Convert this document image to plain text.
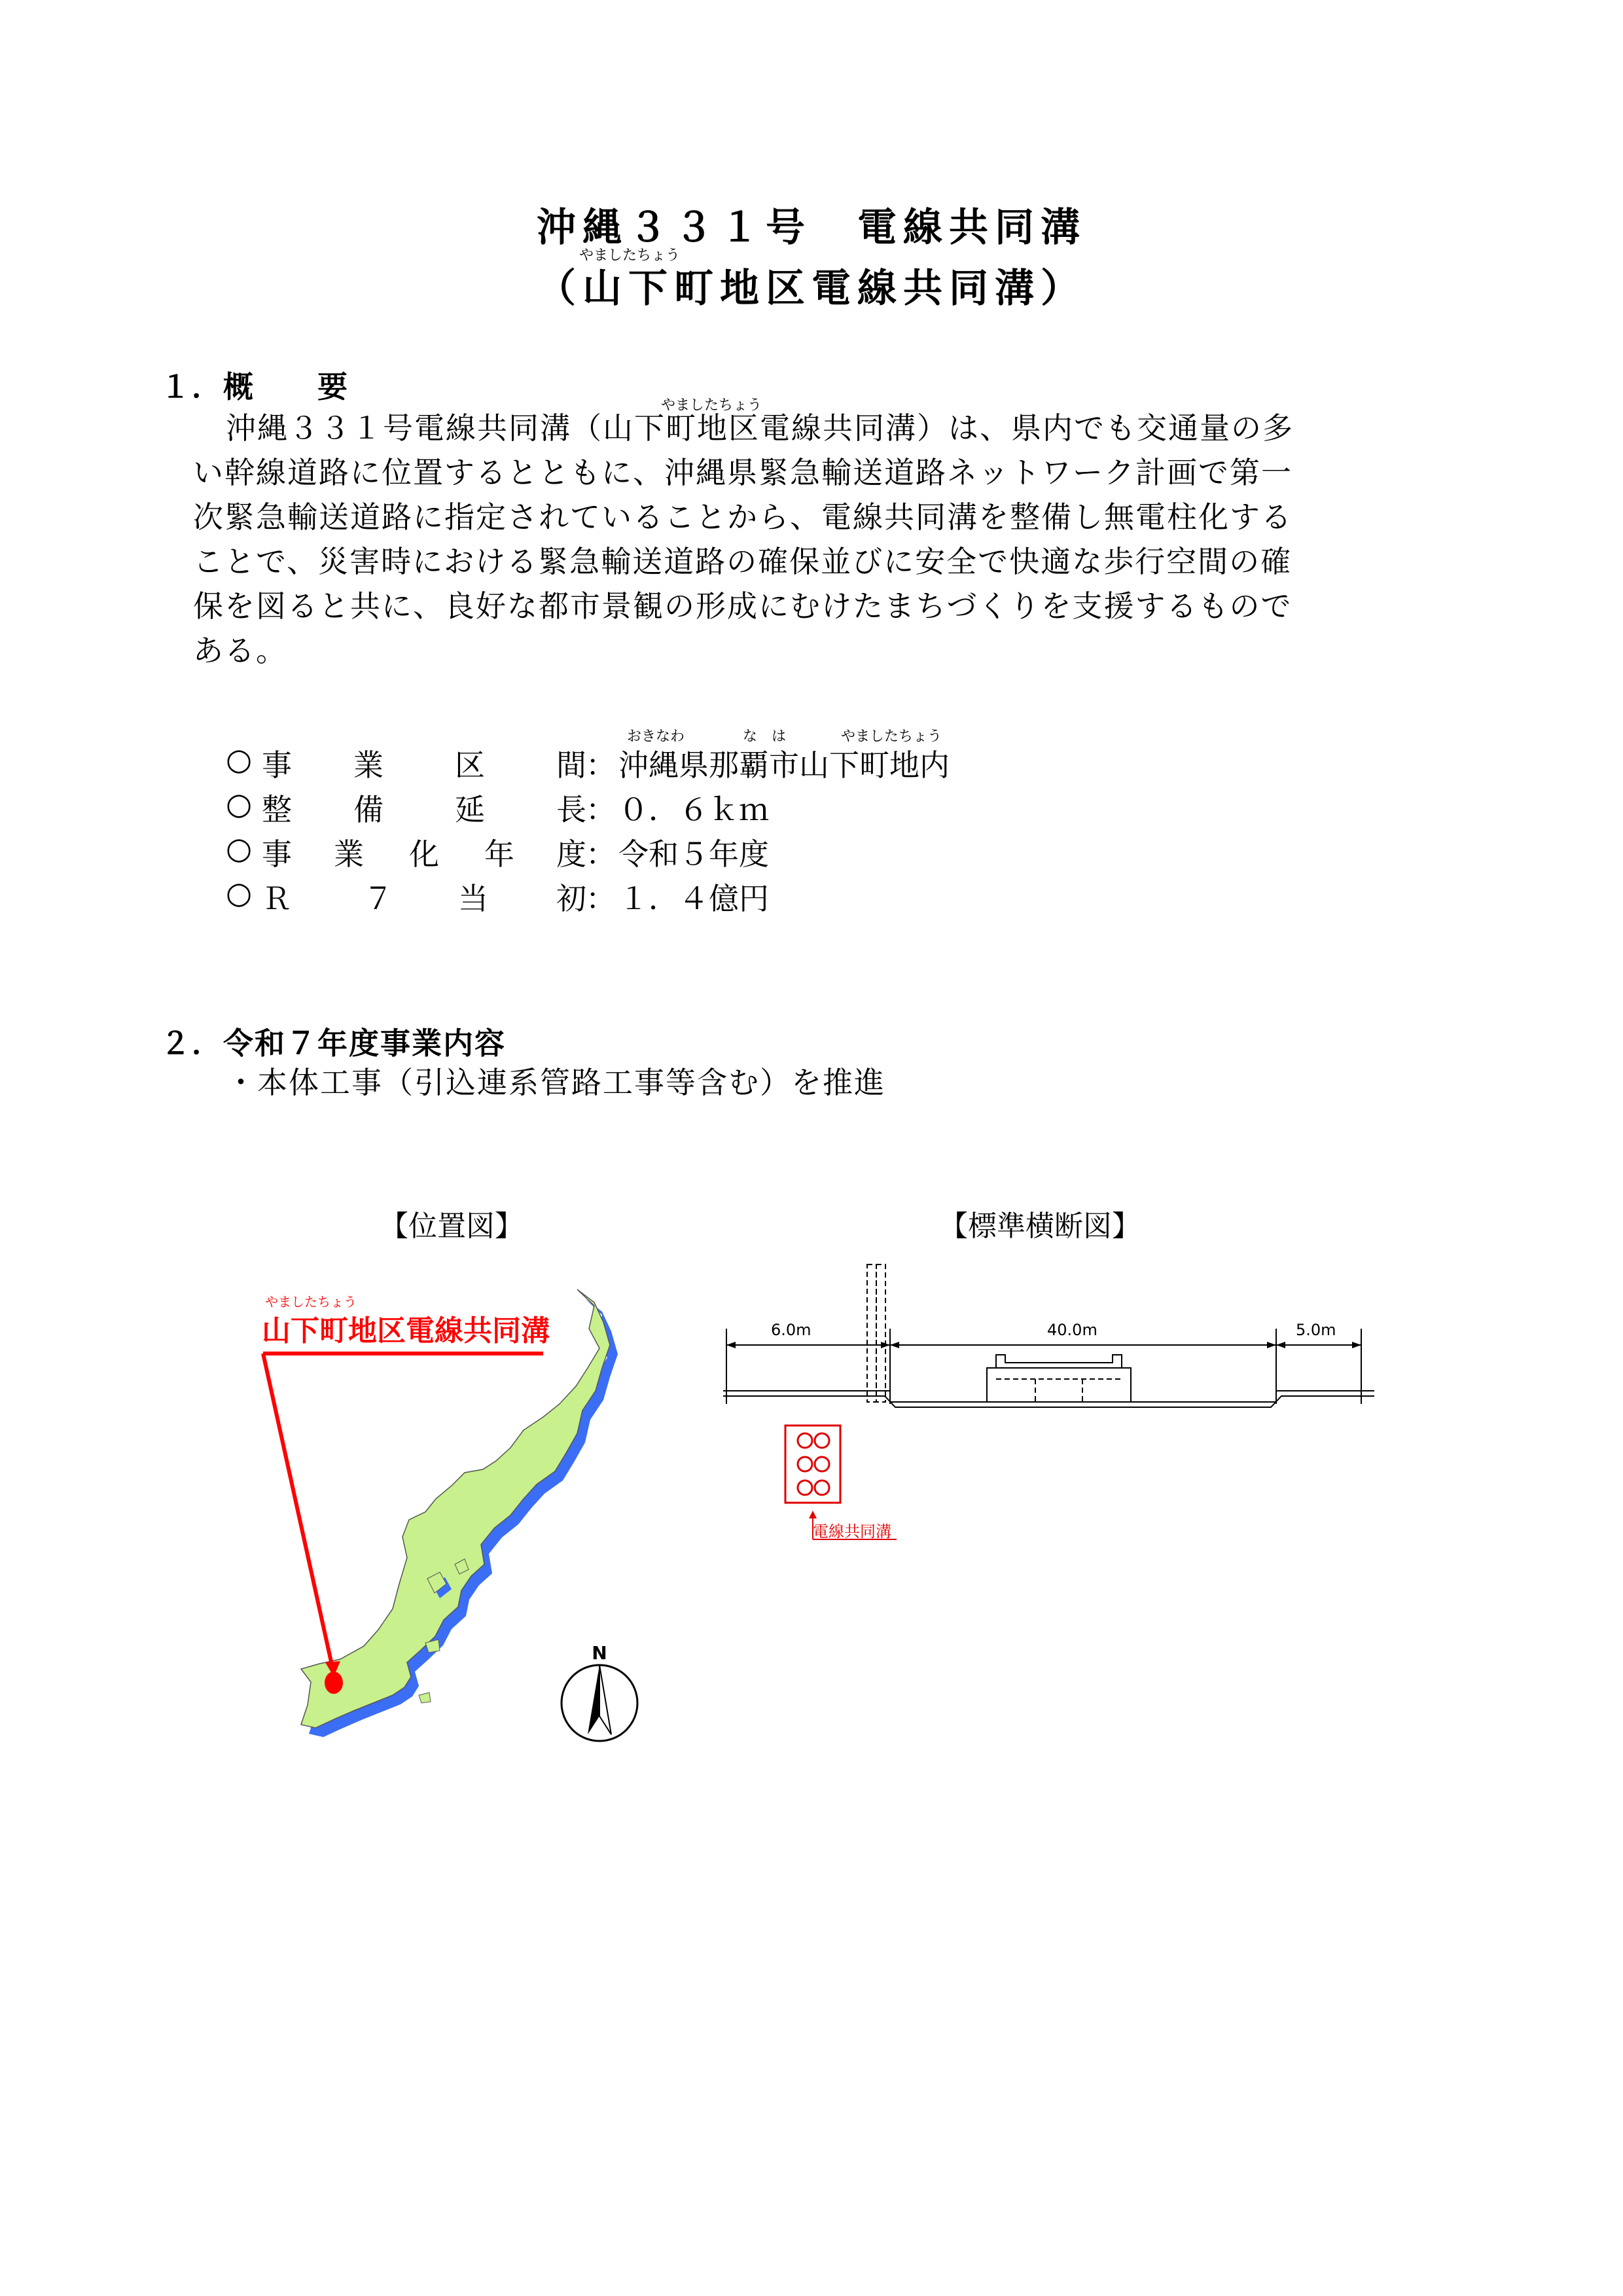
沖縄３３１号　電線共同溝
やましたちょう
（山下町地区電線共同溝）
１．概　　要
やましたちょう
沖縄３３１号電線共同溝（山下町地区電線共同溝）は、県内でも交通量の多
い幹線道路に位置するとともに、沖縄県緊急輸送道路ネットワーク計画で第一
次緊急輸送道路に指定されていることから、電線共同溝を整備し無電柱化する
ことで、災害時における緊急輸送道路の確保並びに安全で快適な歩行空間の確
保を図ると共に、良好な都市景観の形成にむけたまちづくりを支援するもので
ある。
おきなわ	な　は	やましたちょう
○ 事 業 区 間 ： 沖縄県那覇市山下町地内
○ 整 備 延 長 ： ０．６ｋｍ
○ 事 業 化 年 度 ： 令和５年度
○ Ｒ ７ 当 初 ： １．４億円
２．令和７年度事業内容
・本体工事（引込連系管路工事等含む）を推進
【位置図】	【標準横断図】
やましたちょう
山下町地区電線共同溝
N
6.0m	40.0m	5.0m
電線共同溝
